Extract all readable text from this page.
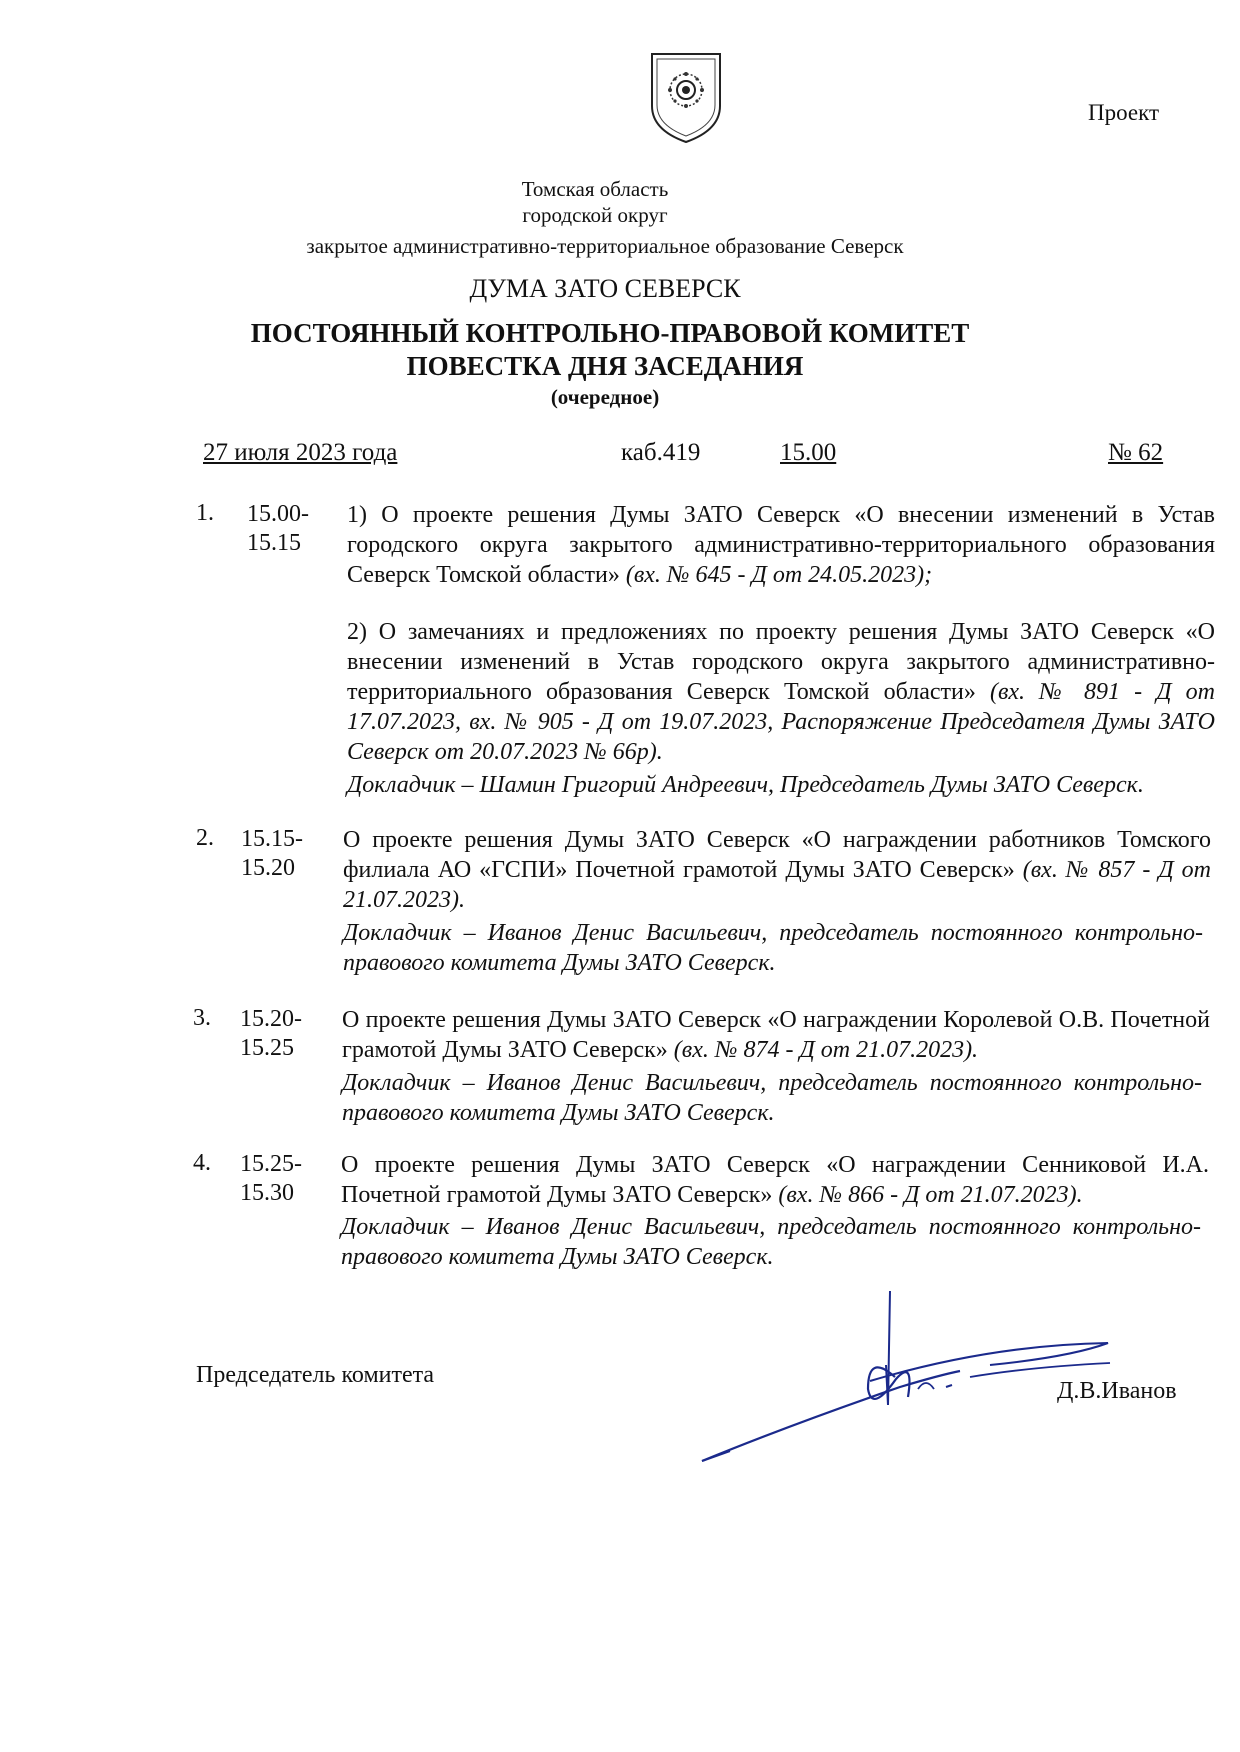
Проект
Томская область
городской округ
закрытое административно-территориальное образование Северск
ДУМА ЗАТО СЕВЕРСК
ПОСТОЯННЫЙ КОНТРОЛЬНО-ПРАВОВОЙ КОМИТЕТ
ПОВЕСТКА ДНЯ ЗАСЕДАНИЯ
(очередное)
27 июля 2023 года	каб.419	15.00	№ 62
1. 15.00-
15.15
1) О проекте решения Думы ЗАТО Северск «О внесении изменений в Устав городского округа закрытого административно-территориального образования Северск Томской области» (вх. № 645 - Д от 24.05.2023);
2) О замечаниях и предложениях по проекту решения Думы ЗАТО Северск «О внесении изменений в Устав городского округа закрытого административно-территориального образования Северск Томской области» (вх. № 891 - Д от 17.07.2023, вх. № 905 - Д от 19.07.2023, Распоряжение Председателя Думы ЗАТО Северск от 20.07.2023 № 66р).
Докладчик – Шамин Григорий Андреевич, Председатель Думы ЗАТО Северск.
2. 15.15-
15.20
О проекте решения Думы ЗАТО Северск «О награждении работников Томского филиала АО «ГСПИ» Почетной грамотой Думы ЗАТО Северск» (вх. № 857 - Д от 21.07.2023).
Докладчик – Иванов Денис Васильевич, председатель постоянного контрольно-правового комитета Думы ЗАТО Северск.
3. 15.20-
15.25
О проекте решения Думы ЗАТО Северск «О награждении Королевой О.В. Почетной грамотой Думы ЗАТО Северск» (вх. № 874 - Д от 21.07.2023).
Докладчик – Иванов Денис Васильевич, председатель постоянного контрольно-правового комитета Думы ЗАТО Северск.
4. 15.25-
15.30
О проекте решения Думы ЗАТО Северск «О награждении Сенниковой И.А. Почетной грамотой Думы ЗАТО Северск» (вх. № 866 - Д от 21.07.2023).
Докладчик – Иванов Денис Васильевич, председатель постоянного контрольно-правового комитета Думы ЗАТО Северск.
Председатель комитета
Д.В.Иванов
